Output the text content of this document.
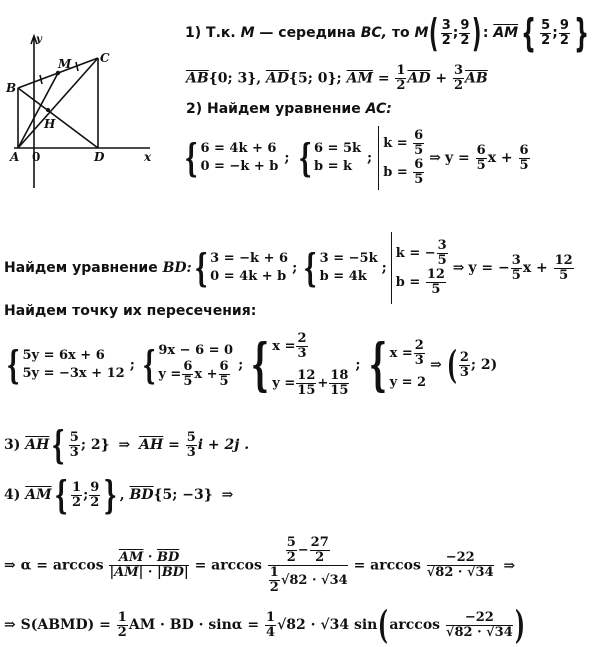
A 0
B
C
D
M
H
x
y	1) Т.к. M — середина BC, то $M( \frac{3}{2}$ ; $\frac{9}{2}$ ): $\overline{AM}\{ \frac{5}{2}$ ; $\frac{9}{2}$ }
$\overline{AB}\{0$; 3}, $\overline{AD}\{5$; 0}; $\overline{AM} = \frac{1}{2} \overline{AD} + \frac{3}{2} \overline{AB}$
2) Найдем уравнение AC:
{ 6 = 4k + 6
0 = −k + b
; { 6 = 5k
b = k
;
$k = \frac{6}{5}$
$b = \frac{6}{5}$ ⇒ $y = \frac{6}{5}$ $x + \frac{6}{5}$
Найдем уравнение BD:{ 3 = −k + 6
0 = 4k + b
; { 3 = −5k
b = 4k
;
k = − $\frac{3}{5}$
$b = \frac{12}{5}$ ⇒ y = − $\frac{3}{5}$ $x + \frac{12}{5}$
Найдем точку их пересечения:
{ 5y = 6x + 6
5y = −3x + 12
; { 9x − 6 = 0
$y = \frac{6}{5}$ $x + \frac{6}{5}$ ; { $x = \frac{2}{3}$
$y = \frac{12}{15} + \frac{18}{15}$
; { $x = \frac{2}{3}$
y = 2
⇒ ( $\frac{2}{3}$ ; 2)
3) $\overline{AH}\{ \frac{5}{3}$ ; 2} ⇒ $\overline{AH} = \frac{5}{3}$ i + 2j .
4) $\overline{AM}\{ \frac{1}{2}$ ; $\frac{9}{2}$ } , $\overline{BD}\{5$; −3} ⇒
⇒ $\alpha = \arccos \frac{\overline{AM} \cdot \overline{BD}}{|AM| \cdot |BD|} = \arccos \frac{\frac{5}{2} - \frac{27}{2}}{\frac{1}{2} √82 \cdot √34} = \arccos \frac{-22}{√82 \cdot √34}$ ⇒
⇒ S(ABMD) = $\frac{1}{2}$ AM · BD · $\sin\alpha = \frac{1}{4} √82 \cdot √34$ $\sin(\arccos \frac{-22}{√82 \cdot √34}$ )
